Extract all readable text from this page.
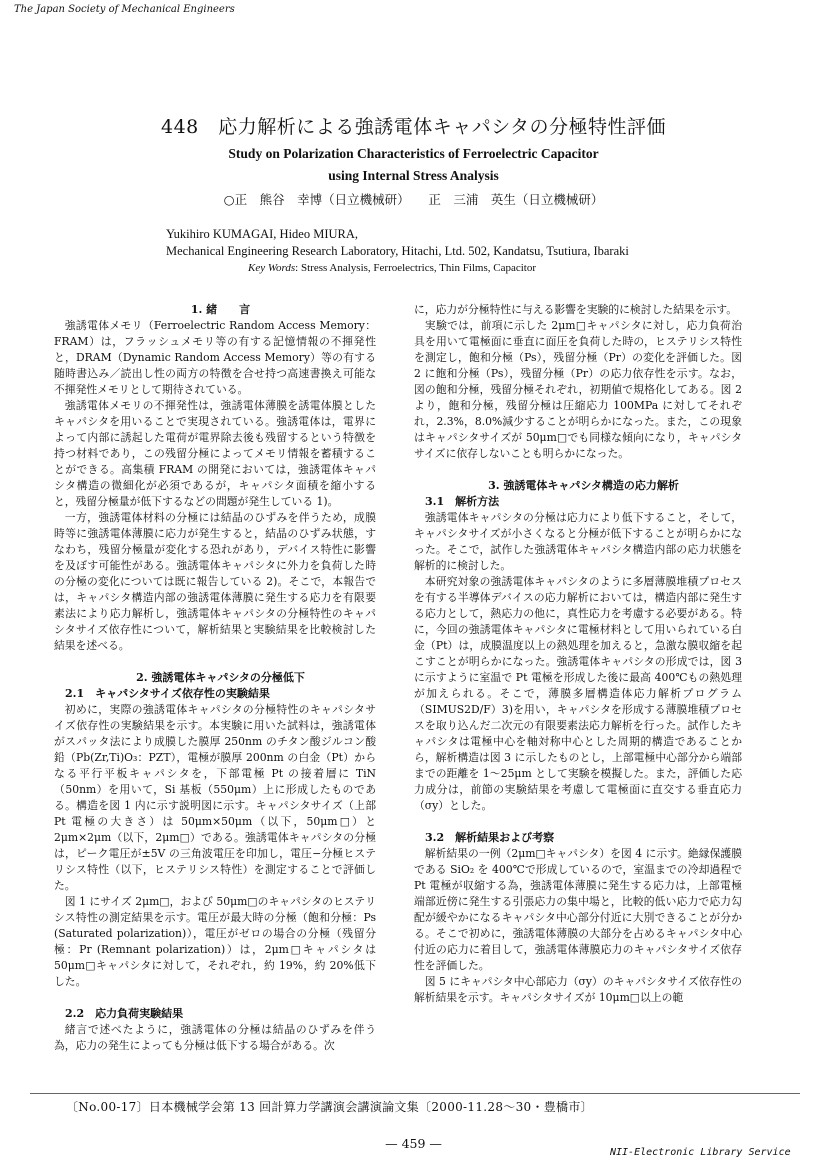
The Japan Society of Mechanical Engineers
448　応力解析による強誘電体キャパシタの分極特性評価
Study on Polarization Characteristics of Ferroelectric Capacitor
using Internal Stress Analysis
○正　熊谷　幸博（日立機械研）　　正　三浦　英生（日立機械研）
Yukihiro KUMAGAI, Hideo MIURA,
Mechanical Engineering Research Laboratory, Hitachi, Ltd. 502, Kandatsu, Tsutiura, Ibaraki
Key Words: Stress Analysis, Ferroelectrics, Thin Films, Capacitor

1. 緒　　言

強誘電体メモリ（Ferroelectric Random Access Memory：FRAM）は，フラッシュメモリ等の有する記憶情報の不揮発性と，DRAM（Dynamic Random Access Memory）等の有する随時書込み／読出し性の両方の特徴を合せ持つ高速書換え可能な不揮発性メモリとして期待されている。

強誘電体メモリの不揮発性は，強誘電体薄膜を誘電体膜としたキャパシタを用いることで実現されている。強誘電体は，電界によって内部に誘起した電荷が電界除去後も残留するという特徴を持つ材料であり，この残留分極によってメモリ情報を蓄積することができる。高集積 FRAM の開発においては，強誘電体キャパシタ構造の微細化が必須であるが，キャパシタ面積を縮小すると，残留分極量が低下するなどの問題が発生している 1)。

一方，強誘電体材料の分極には結晶のひずみを伴うため，成膜時等に強誘電体薄膜に応力が発生すると，結晶のひずみ状態，すなわち，残留分極量が変化する恐れがあり，デバイス特性に影響を及ぼす可能性がある。強誘電体キャパシタに外力を負荷した時の分極の変化については既に報告している 2)。そこで，本報告では，キャパシタ構造内部の強誘電体薄膜に発生する応力を有限要素法により応力解析し，強誘電体キャパシタの分極特性のキャパシタサイズ依存性について，解析結果と実験結果を比較検討した結果を述べる。

2. 強誘電体キャパシタの分極低下

2.1　キャパシタサイズ依存性の実験結果

初めに，実際の強誘電体キャパシタの分極特性のキャパシタサイズ依存性の実験結果を示す。本実験に用いた試料は，強誘電体がスパッタ法により成膜した膜厚 250nm のチタン酸ジルコン酸鉛（Pb(Zr,Ti)O₃：PZT），電極が膜厚 200nm の白金（Pt）からなる平行平板キャパシタを，下部電極 Pt の接着層に TiN（50nm）を用いて，Si 基板（550μm）上に形成したものである。構造を図 1 内に示す説明図に示す。キャパシタサイズ（上部 Pt 電極の大きさ）は 50μm×50μm（以下，50μm□）と 2μm×2μm（以下，2μm□）である。強誘電体キャパシタの分極は，ピーク電圧が±5V の三角波電圧を印加し，電圧−分極ヒステリシス特性（以下，ヒステリシス特性）を測定することで評価した。

図 1 にサイズ 2μm□，および 50μm□のキャパシタのヒステリシス特性の測定結果を示す。電圧が最大時の分極（飽和分極：Ps (Saturated polarization)），電圧がゼロの場合の分極（残留分極：Pr (Remnant polarization)）は，2μm□キャパシタは 50μm□キャパシタに対して，それぞれ，約 19%，約 20%低下した。

2.2　応力負荷実験結果

緒言で述べたように，強誘電体の分極は結晶のひずみを伴う為，応力の発生によっても分極は低下する場合がある。次

に，応力が分極特性に与える影響を実験的に検討した結果を示す。

実験では，前項に示した 2μm□キャパシタに対し，応力負荷治具を用いて電極面に垂直に面圧を負荷した時の，ヒステリシス特性を測定し，飽和分極（Ps），残留分極（Pr）の変化を評価した。図 2 に飽和分極（Ps），残留分極（Pr）の応力依存性を示す。なお，図の飽和分極，残留分極それぞれ，初期値で規格化してある。図 2 より，飽和分極，残留分極は圧縮応力 100MPa に対してそれぞれ，2.3%，8.0%減少することが明らかになった。また，この現象はキャパシタサイズが 50μm□でも同様な傾向になり，キャパシタサイズに依存しないことも明らかになった。

3. 強誘電体キャパシタ構造の応力解析

3.1　解析方法

強誘電体キャパシタの分極は応力により低下すること，そして，キャパシタサイズが小さくなると分極が低下することが明らかになった。そこで，試作した強誘電体キャパシタ構造内部の応力状態を解析的に検討した。

本研究対象の強誘電体キャパシタのように多層薄膜堆積プロセスを有する半導体デバイスの応力解析においては，構造内部に発生する応力として，熱応力の他に，真性応力を考慮する必要がある。特に，今回の強誘電体キャパシタに電極材料として用いられている白金（Pt）は，成膜温度以上の熱処理を加えると，急激な膜収縮を起こすことが明らかになった。強誘電体キャパシタの形成では，図 3 に示すように室温で Pt 電極を形成した後に最高 400℃もの熱処理が加えられる。そこで，薄膜多層構造体応力解析プログラム（SIMUS2D/F）3)を用い，キャパシタを形成する薄膜堆積プロセスを取り込んだ二次元の有限要素法応力解析を行った。試作したキャパシタは電極中心を軸対称中心とした周期的構造であることから，解析構造は図 3 に示したものとし，上部電極中心部分から端部までの距離を 1〜25μm として実験を模擬した。また，評価した応力成分は，前節の実験結果を考慮して電極面に直交する垂直応力（σy）とした。

3.2　解析結果および考察

解析結果の一例（2μm□キャパシタ）を図 4 に示す。絶縁保護膜である SiO₂ を 400℃で形成しているので，室温までの冷却過程で Pt 電極が収縮する為，強誘電体薄膜に発生する応力は，上部電極端部近傍に発生する引張応力の集中場と，比較的低い応力で応力勾配が緩やかになるキャパシタ中心部分付近に大別できることが分かる。そこで初めに，強誘電体薄膜の大部分を占めるキャパシタ中心付近の応力に着目して，強誘電体薄膜応力のキャパシタサイズ依存性を評価した。

図 5 にキャパシタ中心部応力（σy）のキャパシタサイズ依存性の解析結果を示す。キャパシタサイズが 10μm□以上の範

〔No.00-17〕日本機械学会第 13 回計算力学講演会講演論文集〔2000-11.28〜30・豊橋市〕
— 459 —
NII-Electronic Library Service
